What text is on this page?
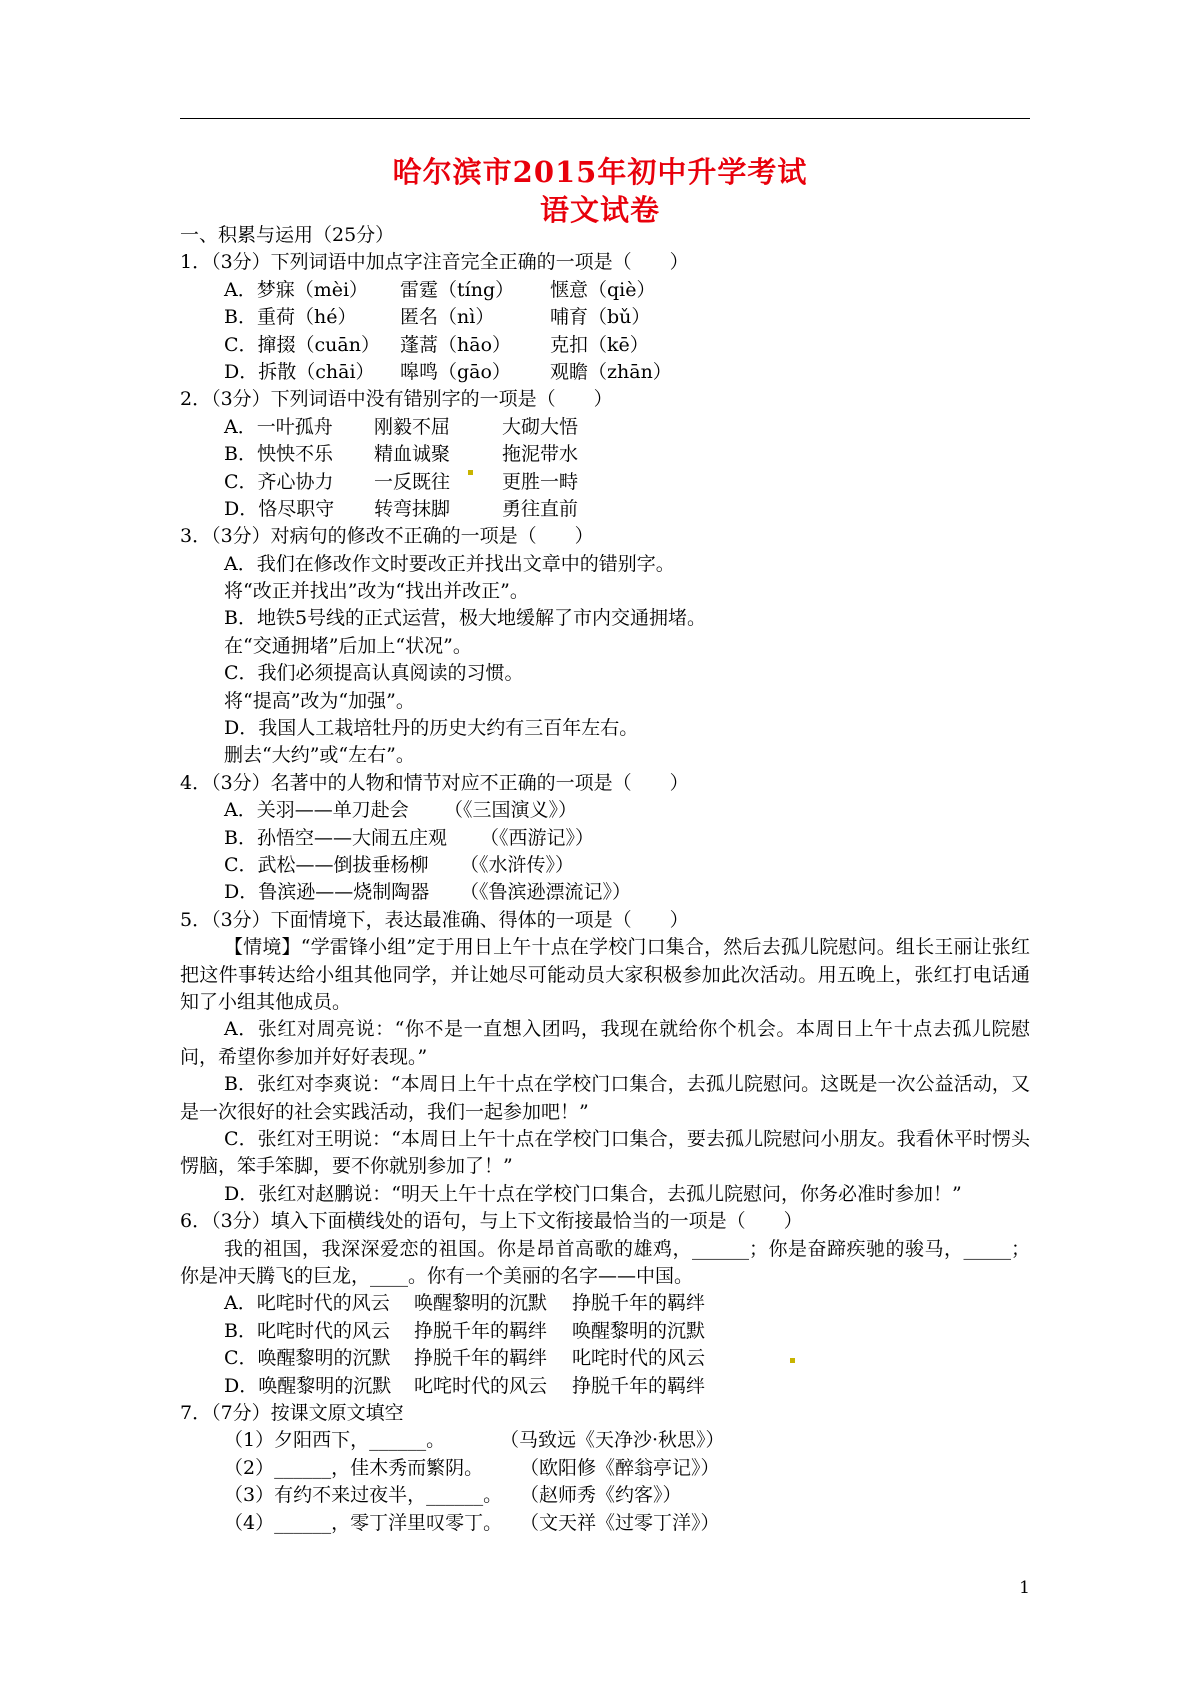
哈尔滨市2015年初中升学考试
语文试卷
一、积累与运用（25分）
1．（3分）下列词语中加点字注音完全正确的一项是（　　）
A．梦寐（mèi） 雷霆（tíng） 惬意（qiè）
B．重荷（hé） 匿名（nì）	哺育（bǔ）
C．撺掇（cuān） 蓬蒿（hāo） 克扣（kē）
D．拆散（chāi） 嗥鸣（gāo） 观瞻（zhān）
2．（3分）下列词语中没有错别字的一项是（　　）
A．一叶孤舟 刚毅不屈	大砌大悟
B．怏怏不乐 精血诚聚	拖泥带水
C．齐心协力 一反既往	更胜一畤
D．恪尽职守 转弯抹脚	勇往直前
3．（3分）对病句的修改不正确的一项是（　　）
A．我们在修改作文时要改正并找出文章中的错别字。
将“改正并找出”改为“找出并改正”。
B．地铁5号线的正式运营，极大地缓解了市内交通拥堵。
在“交通拥堵”后加上“状况”。
C．我们必须提高认真阅读的习惯。
将“提高”改为“加强”。
D．我国人工栽培牡丹的历史大约有三百年左右。
删去“大约”或“左右”。
4．（3分）名著中的人物和情节对应不正确的一项是（　　）
A．关羽——单刀赴会 （《三国演义》）
B．孙悟空——大闹五庄观 （《西游记》）
C．武松——倒拔垂杨柳 （《水浒传》）
D．鲁滨逊——烧制陶器 （《鲁滨逊漂流记》）
5．（3分）下面情境下，表达最准确、得体的一项是（　　）
【情境】“学雷锋小组”定于用日上午十点在学校门口集合，然后去孤儿院慰问。组长王丽让张红把这件事转达给小组其他同学，并让她尽可能动员大家积极参加此次活动。用五晚上，张红打电话通知了小组其他成员。
A．张红对周亮说：“你不是一直想入团吗，我现在就给你个机会。本周日上午十点去孤儿院慰问，希望你参加并好好表现。”
B．张红对李爽说：“本周日上午十点在学校门口集合，去孤儿院慰问。这既是一次公益活动，又是一次很好的社会实践活动，我们一起参加吧！”
C．张红对王明说：“本周日上午十点在学校门口集合，要去孤儿院慰问小朋友。我看休平时愣头愣脑，笨手笨脚，要不你就别参加了！”
D．张红对赵鹏说：“明天上午十点在学校门口集合，去孤儿院慰问，你务必准时参加！”
6．（3分）填入下面横线处的语句，与上下文衔接最恰当的一项是（　　）
我的祖国，我深深爱恋的祖国。你是昂首高歌的雄鸡，______；你是奋蹄疾驰的骏马，_____；你是冲天腾飞的巨龙，____。你有一个美丽的名字——中国。
A．叱咤时代的风云 唤醒黎明的沉默 挣脱千年的羁绊
B．叱咤时代的风云 挣脱千年的羁绊 唤醒黎明的沉默
C．唤醒黎明的沉默 挣脱千年的羁绊 叱咤时代的风云
D．唤醒黎明的沉默 叱咤时代的风云 挣脱千年的羁绊
7．（7分）按课文原文填空
（1）夕阳西下，______。	（马致远《天净沙·秋思》）
（2）______，佳木秀而繁阴。 （欧阳修《醉翁亭记》）
（3）有约不来过夜半，______。 （赵师秀《约客》）
（4）______，零丁洋里叹零丁。 （文天祥《过零丁洋》）
1
